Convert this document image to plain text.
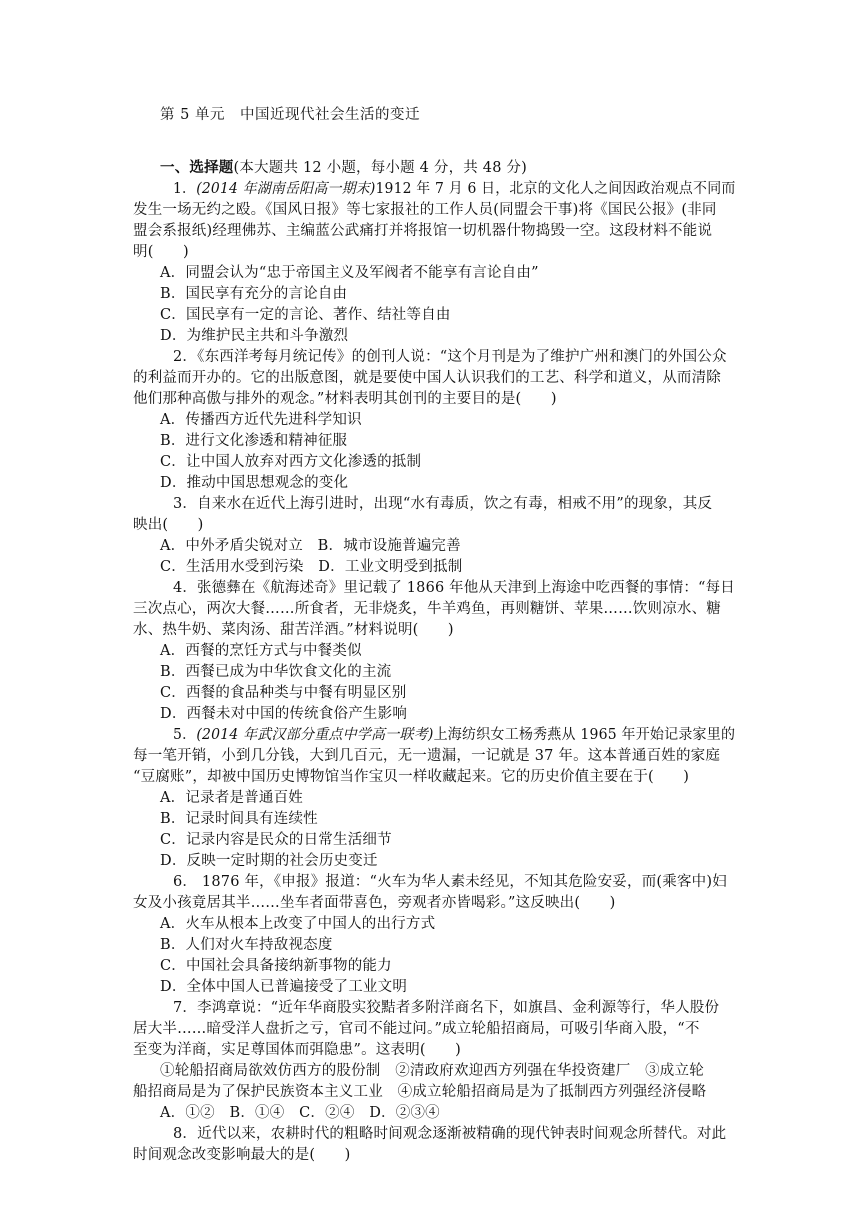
第 5 单元　中国近现代社会生活的变迁
一、选择题(本大题共 12 小题，每小题 4 分，共 48 分)
1．(2014 年湖南岳阳高一期末)1912 年 7 月 6 日，北京的文化人之间因政治观点不同而
发生一场无约之殴。《国风日报》等七家报社的工作人员(同盟会干事)将《国民公报》(非同
盟会系报纸)经理佛苏、主编蓝公武痛打并将报馆一切机器什物捣毁一空。这段材料不能说
明(　　)
A．同盟会认为“忠于帝国主义及军阀者不能享有言论自由”
B．国民享有充分的言论自由
C．国民享有一定的言论、著作、结社等自由
D．为维护民主共和斗争激烈
2．《东西洋考每月统记传》的创刊人说：“这个月刊是为了维护广州和澳门的外国公众
的利益而开办的。它的出版意图，就是要使中国人认识我们的工艺、科学和道义，从而清除
他们那种高傲与排外的观念。”材料表明其创刊的主要目的是(　　)
A．传播西方近代先进科学知识
B．进行文化渗透和精神征服
C．让中国人放弃对西方文化渗透的抵制
D．推动中国思想观念的变化
3．自来水在近代上海引进时，出现“水有毒质，饮之有毒，相戒不用”的现象，其反
映出(　　)
A．中外矛盾尖锐对立　B．城市设施普遍完善
C．生活用水受到污染　D．工业文明受到抵制
4．张德彝在《航海述奇》里记载了 1866 年他从天津到上海途中吃西餐的事情：“每日
三次点心，两次大餐……所食者，无非烧炙，牛羊鸡鱼，再则糖饼、苹果……饮则凉水、糖
水、热牛奶、菜肉汤、甜苦洋酒。”材料说明(　　)
A．西餐的烹饪方式与中餐类似
B．西餐已成为中华饮食文化的主流
C．西餐的食品种类与中餐有明显区别
D．西餐未对中国的传统食俗产生影响
5．(2014 年武汉部分重点中学高一联考)上海纺织女工杨秀燕从 1965 年开始记录家里的
每一笔开销，小到几分钱，大到几百元，无一遗漏，一记就是 37 年。这本普通百姓的家庭
“豆腐账”，却被中国历史博物馆当作宝贝一样收藏起来。它的历史价值主要在于(　　)
A．记录者是普通百姓
B．记录时间具有连续性
C．记录内容是民众的日常生活细节
D．反映一定时期的社会历史变迁
6． 1876 年，《申报》报道：“火车为华人素未经见，不知其危险安妥，而(乘客中)妇
女及小孩竟居其半……坐车者面带喜色，旁观者亦皆喝彩。”这反映出(　　)
A．火车从根本上改变了中国人的出行方式
B．人们对火车持敌视态度
C．中国社会具备接纳新事物的能力
D．全体中国人已普遍接受了工业文明
7．李鸿章说：“近年华商股实狡黠者多附洋商名下，如旗昌、金利源等行，华人股份
居大半……暗受洋人盘折之亏，官司不能过问。”成立轮船招商局，可吸引华商入股，“不
至变为洋商，实足尊国体而弭隐患”。这表明(　　)
①轮船招商局欲效仿西方的股份制　②清政府欢迎西方列强在华投资建厂　③成立轮
船招商局是为了保护民族资本主义工业　④成立轮船招商局是为了抵制西方列强经济侵略
A．①②　B．①④　C．②④　D．②③④
8．近代以来，农耕时代的粗略时间观念逐渐被精确的现代钟表时间观念所替代。对此
时间观念改变影响最大的是(　　)
